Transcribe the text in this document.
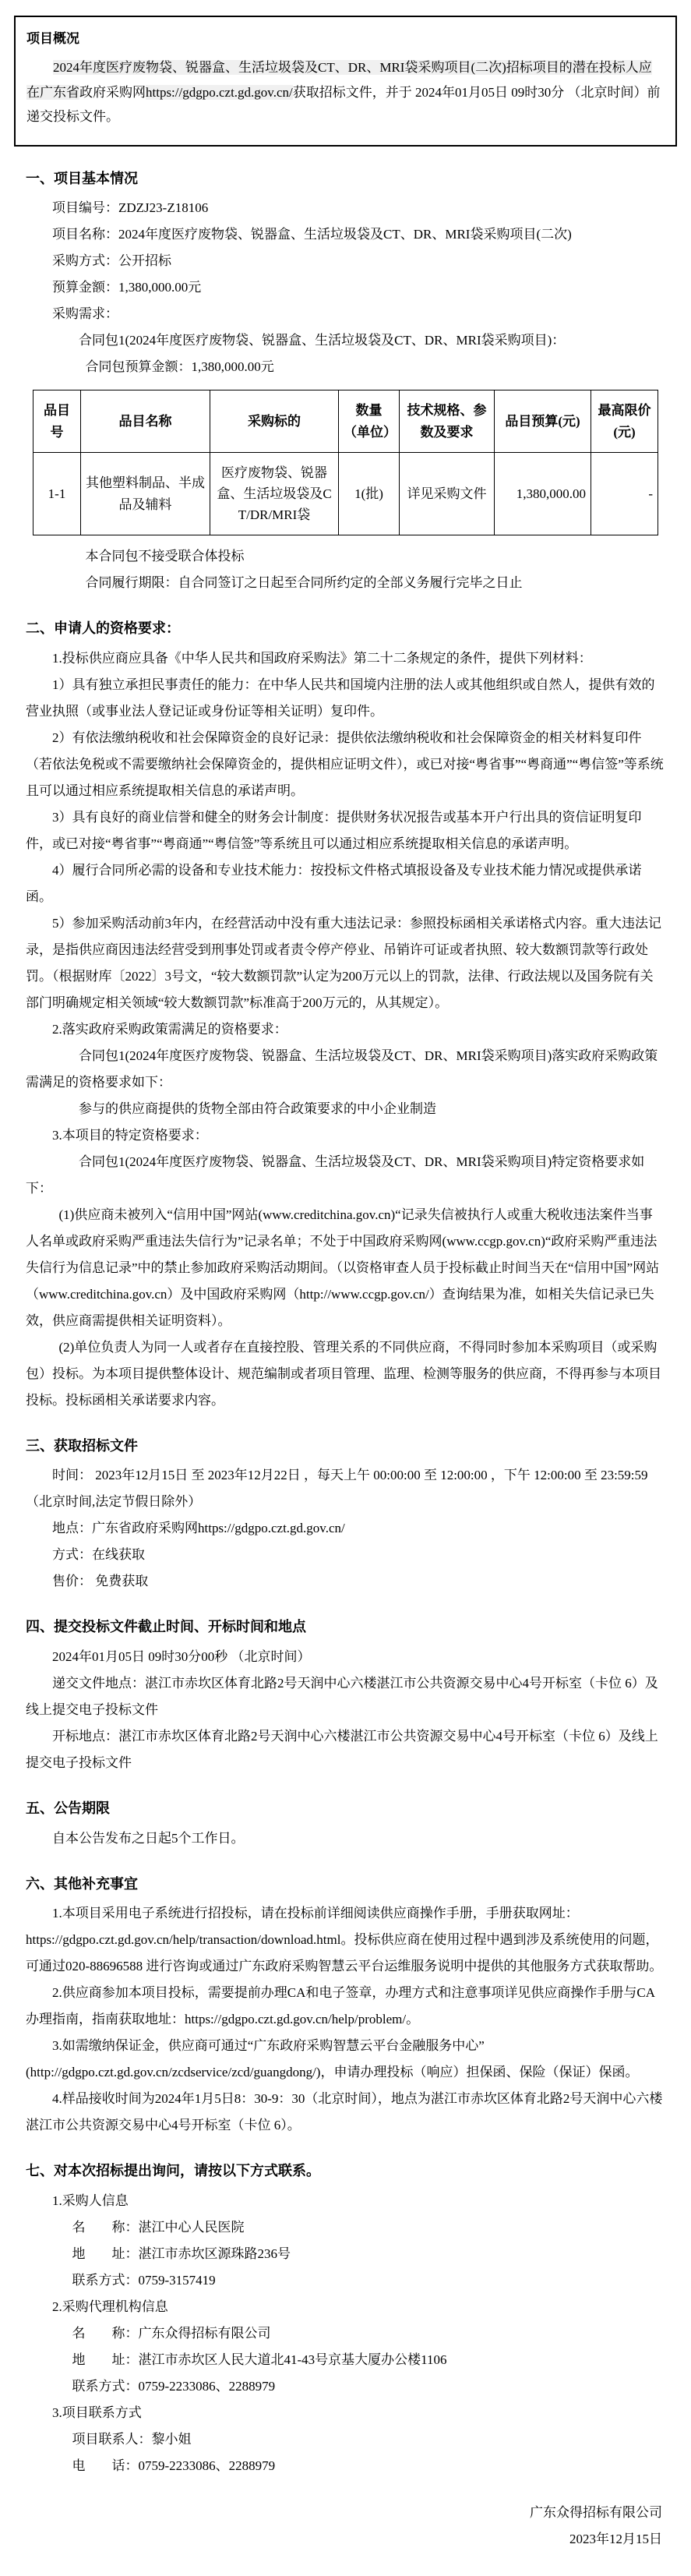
项目概况

2024年度医疗废物袋、锐器盒、生活垃圾袋及CT、DR、MRI袋采购项目(二次)招标项目的潜在投标人应在广东省政府采购网https://gdgpo.czt.gd.gov.cn/获取招标文件，并于 2024年01月05日 09时30分 （北京时间）前递交投标文件。

一、项目基本情况

项目编号：ZDZJ23-Z18106

项目名称：2024年度医疗废物袋、锐器盒、生活垃圾袋及CT、DR、MRI袋采购项目(二次)

采购方式：公开招标

预算金额：1,380,000.00元

采购需求：

合同包1(2024年度医疗废物袋、锐器盒、生活垃圾袋及CT、DR、MRI袋采购项目)：

合同包预算金额：1,380,000.00元

品目号	品目名称	采购标的	数量（单位）	技术规格、参数及要求	品目预算(元)	最高限价(元)
1-1	其他塑料制品、半成品及辅料	医疗废物袋、锐器盒、生活垃圾袋及CT/DR/MRI袋	1(批)	详见采购文件	1,380,000.00	-

本合同包不接受联合体投标

合同履行期限：自合同签订之日起至合同所约定的全部义务履行完毕之日止

二、申请人的资格要求：

1.投标供应商应具备《中华人民共和国政府采购法》第二十二条规定的条件，提供下列材料：

1）具有独立承担民事责任的能力：在中华人民共和国境内注册的法人或其他组织或自然人，提供有效的营业执照（或事业法人登记证或身份证等相关证明）复印件。

2）有依法缴纳税收和社会保障资金的良好记录：提供依法缴纳税收和社会保障资金的相关材料复印件（若依法免税或不需要缴纳社会保障资金的，提供相应证明文件），或已对接“粤省事”“粤商通”“粤信签”等系统且可以通过相应系统提取相关信息的承诺声明。

3）具有良好的商业信誉和健全的财务会计制度：提供财务状况报告或基本开户行出具的资信证明复印件，或已对接“粤省事”“粤商通”“粤信签”等系统且可以通过相应系统提取相关信息的承诺声明。

4）履行合同所必需的设备和专业技术能力：按投标文件格式填报设备及专业技术能力情况或提供承诺函。

5）参加采购活动前3年内，在经营活动中没有重大违法记录：参照投标函相关承诺格式内容。重大违法记录，是指供应商因违法经营受到刑事处罚或者责令停产停业、吊销许可证或者执照、较大数额罚款等行政处罚。（根据财库〔2022〕3号文，“较大数额罚款”认定为200万元以上的罚款，法律、行政法规以及国务院有关部门明确规定相关领域“较大数额罚款”标准高于200万元的，从其规定）。

2.落实政府采购政策需满足的资格要求：

合同包1(2024年度医疗废物袋、锐器盒、生活垃圾袋及CT、DR、MRI袋采购项目)落实政府采购政策需满足的资格要求如下：

参与的供应商提供的货物全部由符合政策要求的中小企业制造

3.本项目的特定资格要求：

合同包1(2024年度医疗废物袋、锐器盒、生活垃圾袋及CT、DR、MRI袋采购项目)特定资格要求如下：

(1)供应商未被列入“信用中国”网站(www.creditchina.gov.cn)“记录失信被执行人或重大税收违法案件当事人名单或政府采购严重违法失信行为”记录名单；不处于中国政府采购网(www.ccgp.gov.cn)“政府采购严重违法失信行为信息记录”中的禁止参加政府采购活动期间。（以资格审查人员于投标截止时间当天在“信用中国”网站（www.creditchina.gov.cn）及中国政府采购网（http://www.ccgp.gov.cn/）查询结果为准，如相关失信记录已失效，供应商需提供相关证明资料）。

(2)单位负责人为同一人或者存在直接控股、管理关系的不同供应商，不得同时参加本采购项目（或采购包）投标。为本项目提供整体设计、规范编制或者项目管理、监理、检测等服务的供应商，不得再参与本项目投标。投标函相关承诺要求内容。

三、获取招标文件

时间： 2023年12月15日 至 2023年12月22日 ，每天上午 00:00:00 至 12:00:00 ，下午 12:00:00 至 23:59:59（北京时间,法定节假日除外）

地点：广东省政府采购网https://gdgpo.czt.gd.gov.cn/

方式：在线获取

售价： 免费获取

四、提交投标文件截止时间、开标时间和地点

2024年01月05日 09时30分00秒 （北京时间）

递交文件地点：湛江市赤坎区体育北路2号天润中心六楼湛江市公共资源交易中心4号开标室（卡位 6）及线上提交电子投标文件

开标地点：湛江市赤坎区体育北路2号天润中心六楼湛江市公共资源交易中心4号开标室（卡位 6）及线上提交电子投标文件

五、公告期限

自本公告发布之日起5个工作日。

六、其他补充事宜

1.本项目采用电子系统进行招投标，请在投标前详细阅读供应商操作手册，手册获取网址：https://gdgpo.czt.gd.gov.cn/help/transaction/download.html。投标供应商在使用过程中遇到涉及系统使用的问题，可通过020-88696588 进行咨询或通过广东政府采购智慧云平台运维服务说明中提供的其他服务方式获取帮助。

2.供应商参加本项目投标，需要提前办理CA和电子签章，办理方式和注意事项详见供应商操作手册与CA办理指南，指南获取地址：https://gdgpo.czt.gd.gov.cn/help/problem/。

3.如需缴纳保证金，供应商可通过“广东政府采购智慧云平台金融服务中心”(http://gdgpo.czt.gd.gov.cn/zcdservice/zcd/guangdong/)，申请办理投标（响应）担保函、保险（保证）保函。

4.样品接收时间为2024年1月5日8：30-9：30（北京时间），地点为湛江市赤坎区体育北路2号天润中心六楼湛江市公共资源交易中心4号开标室（卡位 6）。

七、对本次招标提出询问，请按以下方式联系。

1.采购人信息

名　　称：湛江中心人民医院

地　　址：湛江市赤坎区源珠路236号

联系方式：0759-3157419

2.采购代理机构信息

名　　称：广东众得招标有限公司

地　　址：湛江市赤坎区人民大道北41-43号京基大厦办公楼1106

联系方式：0759-2233086、2288979

3.项目联系方式

项目联系人：黎小姐

电　　话：0759-2233086、2288979

广东众得招标有限公司

2023年12月15日
